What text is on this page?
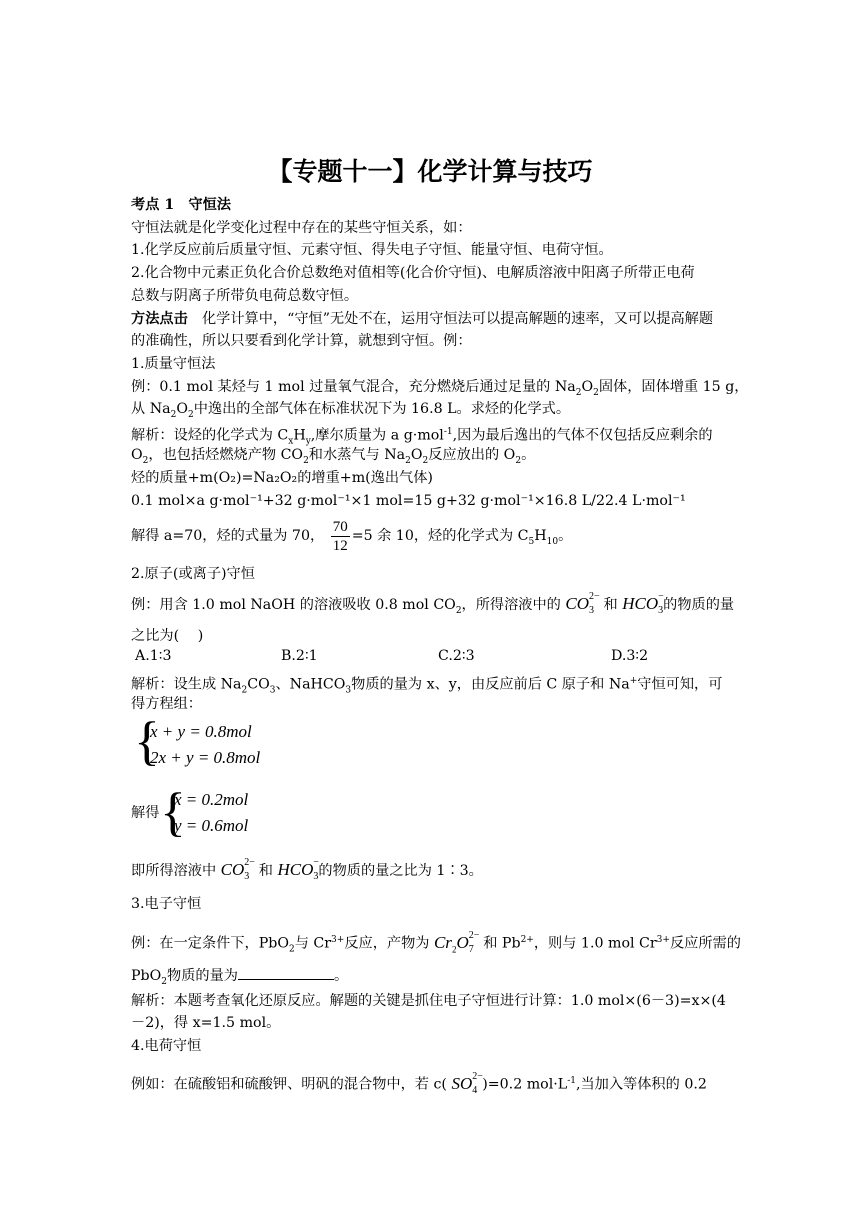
【专题十一】化学计算与技巧
考点 1　 守恒法
守恒法就是化学变化过程中存在的某些守恒关系，如：
1.化学反应前后质量守恒、元素守恒、得失电子守恒、能量守恒、电荷守恒。
2.化合物中元素正负化合价总数绝对值相等(化合价守恒)、电解质溶液中阳离子所带正电荷
总数与阴离子所带负电荷总数守恒。
方法点击　 化学计算中，“守恒”无处不在，运用守恒法可以提高解题的速率，又可以提高解题
的准确性，所以只要看到化学计算，就想到守恒。例：
1.质量守恒法
例：0.1 mol 某烃与 1 mol 过量氧气混合，充分燃烧后通过足量的 $Na_2O_2$固体，固体增重 15 g，
从 $Na_2O_2$中逸出的全部气体在标准状况下为 16.8 L。求烃的化学式。
解析：设烃的化学式为 $C_xH_y$,摩尔质量为 a g·mol$^{-1}$,因为最后逸出的气体不仅包括反应剩余的
$O_2$，也包括烃燃烧产物 $CO_2$和水蒸气与 $Na_2O_2$反应放出的 $O_2$。
烃的质量+m(O₂)=Na₂O₂的增重+m(逸出气体)
0.1 mol×a g·mol⁻¹+32 g·mol⁻¹×1 mol=15 g+32 g·mol⁻¹×16.8 L/22.4 L·mol⁻¹
解得 a=70，烃的式量为 70， $\frac{70}{12} =5$ 余 10，烃的化学式为 $C_5H_{10}$。
2.原子(或离子)守恒
例：用含 1.0 mol NaOH 的溶液吸收 0.8 mol $CO_2$，所得溶液中的 CO 2−
3
   和 HCO −
3
  的物质的量
之比为(　 )
A.1∶3	B.2∶1	C.2∶3	D.3∶2
解析：设生成 $Na_2CO_3$、NaHCO$_3$物质的量为 x、y，由反应前后 C 原子和 Na+守恒可知，可
得方程组：
{
x + y = 0.8mol
2x + y = 0.8mol
解得 {
x = 0.2mol
y = 0.6mol
即所得溶液中 CO 2−
3
   和 HCO −
3
  的物质的量之比为 1∶3。
3.电子守恒
例：在一定条件下，PbO$_2$与 $Cr^{3+}$反应，产物为 $Cr_2O$ 2−
7
   和 $Pb^{2+}$，则与 1.0 mol $Cr^{3+}$反应所需的
PbO$_2$物质的量为	。
解析：本题考查氧化还原反应。解题的关键是抓住电子守恒进行计算：1.0 mol×(6－3)=x×(4
－2)，得 x=1.5 mol。
4.电荷守恒
例如：在硫酸铝和硫酸钾、明矾的混合物中，若 c( SO 2−
4
   )=0.2 $mol\cdot L^{-1}$,当加入等体积的 0.2
